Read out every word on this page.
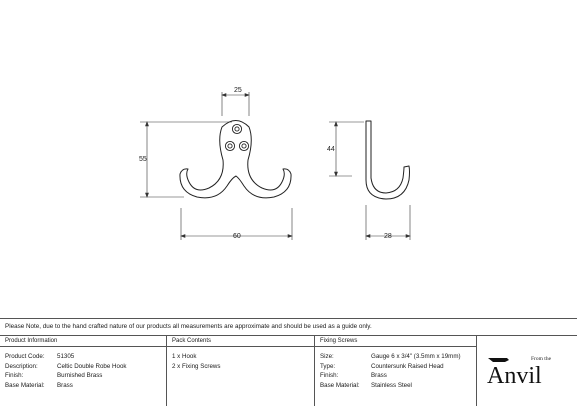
25
55
60
44
28
Please Note, due to the hand crafted nature of our products all measurements are approximate and should be used as a guide only.
Product Information
Product Code: 51305
Description:	Celtic Double Robe Hook
Finish:	Burnished Brass
Base Material: Brass
Pack Contents
1 x Hook
2 x Fixing Screws
Fixing Screws
Size:	Gauge 6 x 3/4" (3.5mm x 19mm)
Type:	Countersunk Raised Head
Finish:	Brass
Base Material: Stainless Steel
From the
Anvil
